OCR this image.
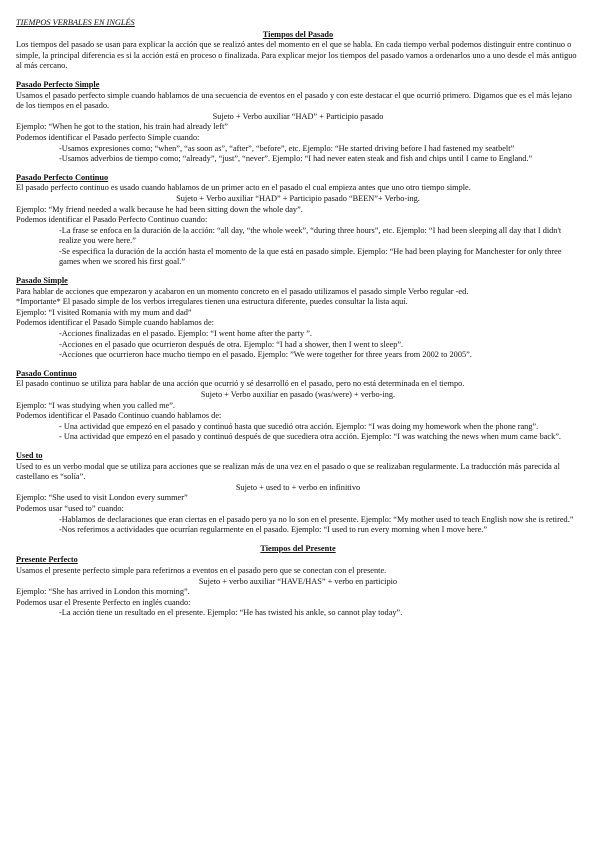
TIEMPOS VERBALES EN INGLÉS
Tiempos del Pasado

Los tiempos del pasado se usan para explicar la acción que se realizó antes del momento en el que se habla. En cada tiempo verbal podemos distinguir entre continuo o simple, la principal diferencia es si la acción está en proceso o finalizada. Para explicar mejor los tiempos del pasado vamos a ordenarlos uno a uno desde el más antiguo al más cercano.

Pasado Perfecto Simple

Usamos el pasado perfecto simple cuando hablamos de una secuencia de eventos en el pasado y con este destacar el que ocurrió primero. Digamos que es el más lejano de los tiempos en el pasado.

Sujeto + Verbo auxiliar “HAD” + Participio pasado

Ejemplo: “When he got to the station, his train had already left”

Podemos identificar el Pasado perfecto Simple cuando:

-Usamos expresiones como; “when”, “as soon as”, “after”, “before”, etc. Ejemplo: “He started driving before I had fastened my seatbelt”

-Usamos adverbios de tiempo como; “already”, “just”, “never”. Ejemplo: “I had never eaten steak and fish and chips until I came to England.”

Pasado Perfecto Continuo

El pasado perfecto continuo es usado cuando hablamos de un primer acto en el pasado el cual empieza antes que uno otro tiempo simple.

Sujeto + Verbo auxiliar “HAD” + Participio pasado “BEEN”+ Verbo-ing.

Ejemplo: “My friend needed a walk because he had been sitting down the whole day”.

Podemos identificar el Pasado Perfecto Continuo cuando:

-La frase se enfoca en la duración de la acción: “all day, “the whole week”, “during three hours”, etc. Ejemplo: “I had been sleeping all day that I didn't realize you were here.”

-Se especifica la duración de la acción hasta el momento de la que está en pasado simple. Ejemplo: “He had been playing for Manchester for only three games when we scored his first goal.”

Pasado Simple

Para hablar de acciones que empezaron y acabaron en un momento concreto en el pasado utilizamos el pasado simple Verbo regular -ed.

*Importante* El pasado simple de los verbos irregulares tienen una estructura diferente, puedes consultar la lista aquí.

Ejemplo: “I visited Romania with my mum and dad”

Podemos identificar el Pasado Simple cuando hablamos de:

-Acciones finalizadas en el pasado. Ejemplo: “I went home after the party ”.

-Acciones en el pasado que ocurrieron después de otra. Ejemplo: “I had a shower, then I went to sleep”.

-Acciones que ocurrieron hace mucho tiempo en el pasado. Ejemplo: ”We were together for three years from 2002 to 2005”.

Pasado Continuo

El pasado continuo se utiliza para hablar de una acción que ocurrió y sé desarrolló en el pasado, pero no está determinada en el tiempo.

Sujeto + Verbo auxiliar en pasado (was/were) + verbo-ing.

Ejemplo: “I was studying when you called me”.

Podemos identificar el Pasado Continuo cuando hablamos de:

- Una actividad que empezó en el pasado y continuó hasta que sucedió otra acción. Ejemplo: “I was doing my homework when the phone rang”.

- Una actividad que empezó en el pasado y continuó después de que sucediera otra acción. Ejemplo: “I was watching the news when mum came back”.

Used to

Used to es un verbo modal que se utiliza para acciones que se realizan más de una vez en el pasado o que se realizaban regularmente. La traducción más parecida al castellano es “solía”.

Sujeto + used to + verbo en infinitivo

Ejemplo: “She used to visit London every summer”

Podemos usar “used to” cuando:

-Hablamos de declaraciones que eran ciertas en el pasado pero ya no lo son en el presente. Ejemplo: “My mother used to teach English now she is retired.”

-Nos referimos a actividades que ocurrían regularmente en el pasado. Ejemplo: “I used to run every morning when I move here.”

Tiempos del Presente
Presente Perfecto

Usamos el presente perfecto simple para referirnos a eventos en el pasado pero que se conectan con el presente.

Sujeto + verbo auxiliar “HAVE/HAS” + verbo en participio

Ejemplo: “She has arrived in London this morning”.

Podemos usar el Presente Perfecto en inglés cuando:

-La acción tiene un resultado en el presente. Ejemplo: “He has twisted his ankle, so cannot play today”.
